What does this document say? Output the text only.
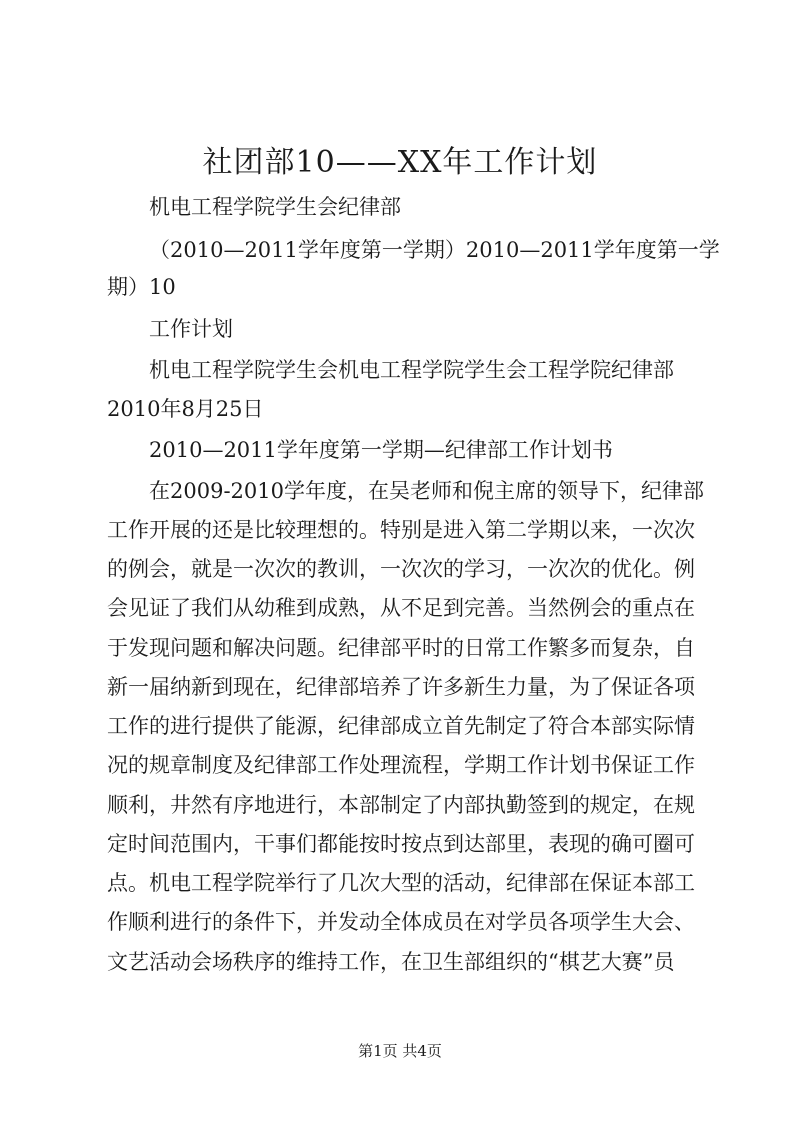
社团部10——XX年工作计划

机电工程学院学生会纪律部

（2010—2011学年度第一学期）2010—2011学年度第一学

期）10

工作计划

机电工程学院学生会机电工程学院学生会工程学院纪律部

2010年8月25日

2010—2011学年度第一学期—纪律部工作计划书

在2009-2010学年度，在吴老师和倪主席的领导下，纪律部

工作开展的还是比较理想的。特别是进入第二学期以来，一次次

的例会，就是一次次的教训，一次次的学习，一次次的优化。例

会见证了我们从幼稚到成熟，从不足到完善。当然例会的重点在

于发现问题和解决问题。纪律部平时的日常工作繁多而复杂，自

新一届纳新到现在，纪律部培养了许多新生力量，为了保证各项

工作的进行提供了能源，纪律部成立首先制定了符合本部实际情

况的规章制度及纪律部工作处理流程，学期工作计划书保证工作

顺利，井然有序地进行，本部制定了内部执勤签到的规定，在规

定时间范围内，干事们都能按时按点到达部里，表现的确可圈可

点。机电工程学院举行了几次大型的活动，纪律部在保证本部工

作顺利进行的条件下，并发动全体成员在对学员各项学生大会、

文艺活动会场秩序的维持工作，在卫生部组织的“棋艺大赛”员

第1页 共4页
